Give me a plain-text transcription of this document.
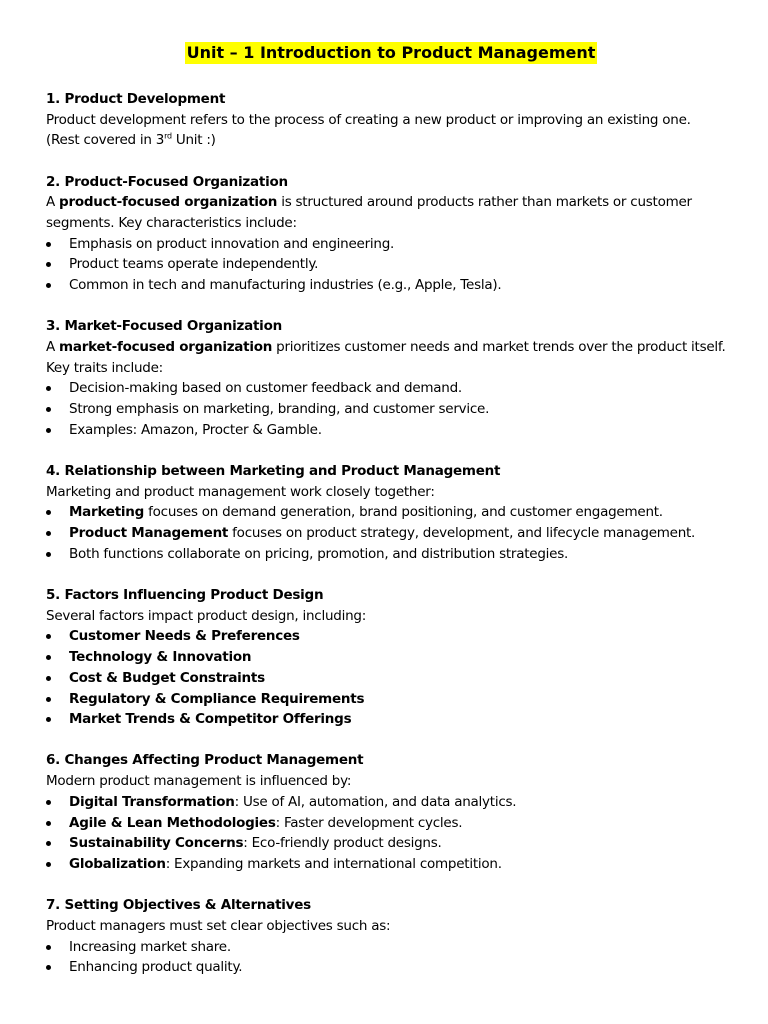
Unit – 1 Introduction to Product Management
1. Product Development
Product development refers to the process of creating a new product or improving an existing one.
(Rest covered in 3rd Unit :)
2. Product-Focused Organization
A product-focused organization is structured around products rather than markets or customer
segments. Key characteristics include:
Emphasis on product innovation and engineering.
Product teams operate independently.
Common in tech and manufacturing industries (e.g., Apple, Tesla).
3. Market-Focused Organization
A market-focused organization prioritizes customer needs and market trends over the product itself.
Key traits include:
Decision-making based on customer feedback and demand.
Strong emphasis on marketing, branding, and customer service.
Examples: Amazon, Procter & Gamble.
4. Relationship between Marketing and Product Management
Marketing and product management work closely together:
Marketing focuses on demand generation, brand positioning, and customer engagement.
Product Management focuses on product strategy, development, and lifecycle management.
Both functions collaborate on pricing, promotion, and distribution strategies.
5. Factors Influencing Product Design
Several factors impact product design, including:
Customer Needs & Preferences
Technology & Innovation
Cost & Budget Constraints
Regulatory & Compliance Requirements
Market Trends & Competitor Offerings
6. Changes Affecting Product Management
Modern product management is influenced by:
Digital Transformation: Use of AI, automation, and data analytics.
Agile & Lean Methodologies: Faster development cycles.
Sustainability Concerns: Eco-friendly product designs.
Globalization: Expanding markets and international competition.
7. Setting Objectives & Alternatives
Product managers must set clear objectives such as:
Increasing market share.
Enhancing product quality.
